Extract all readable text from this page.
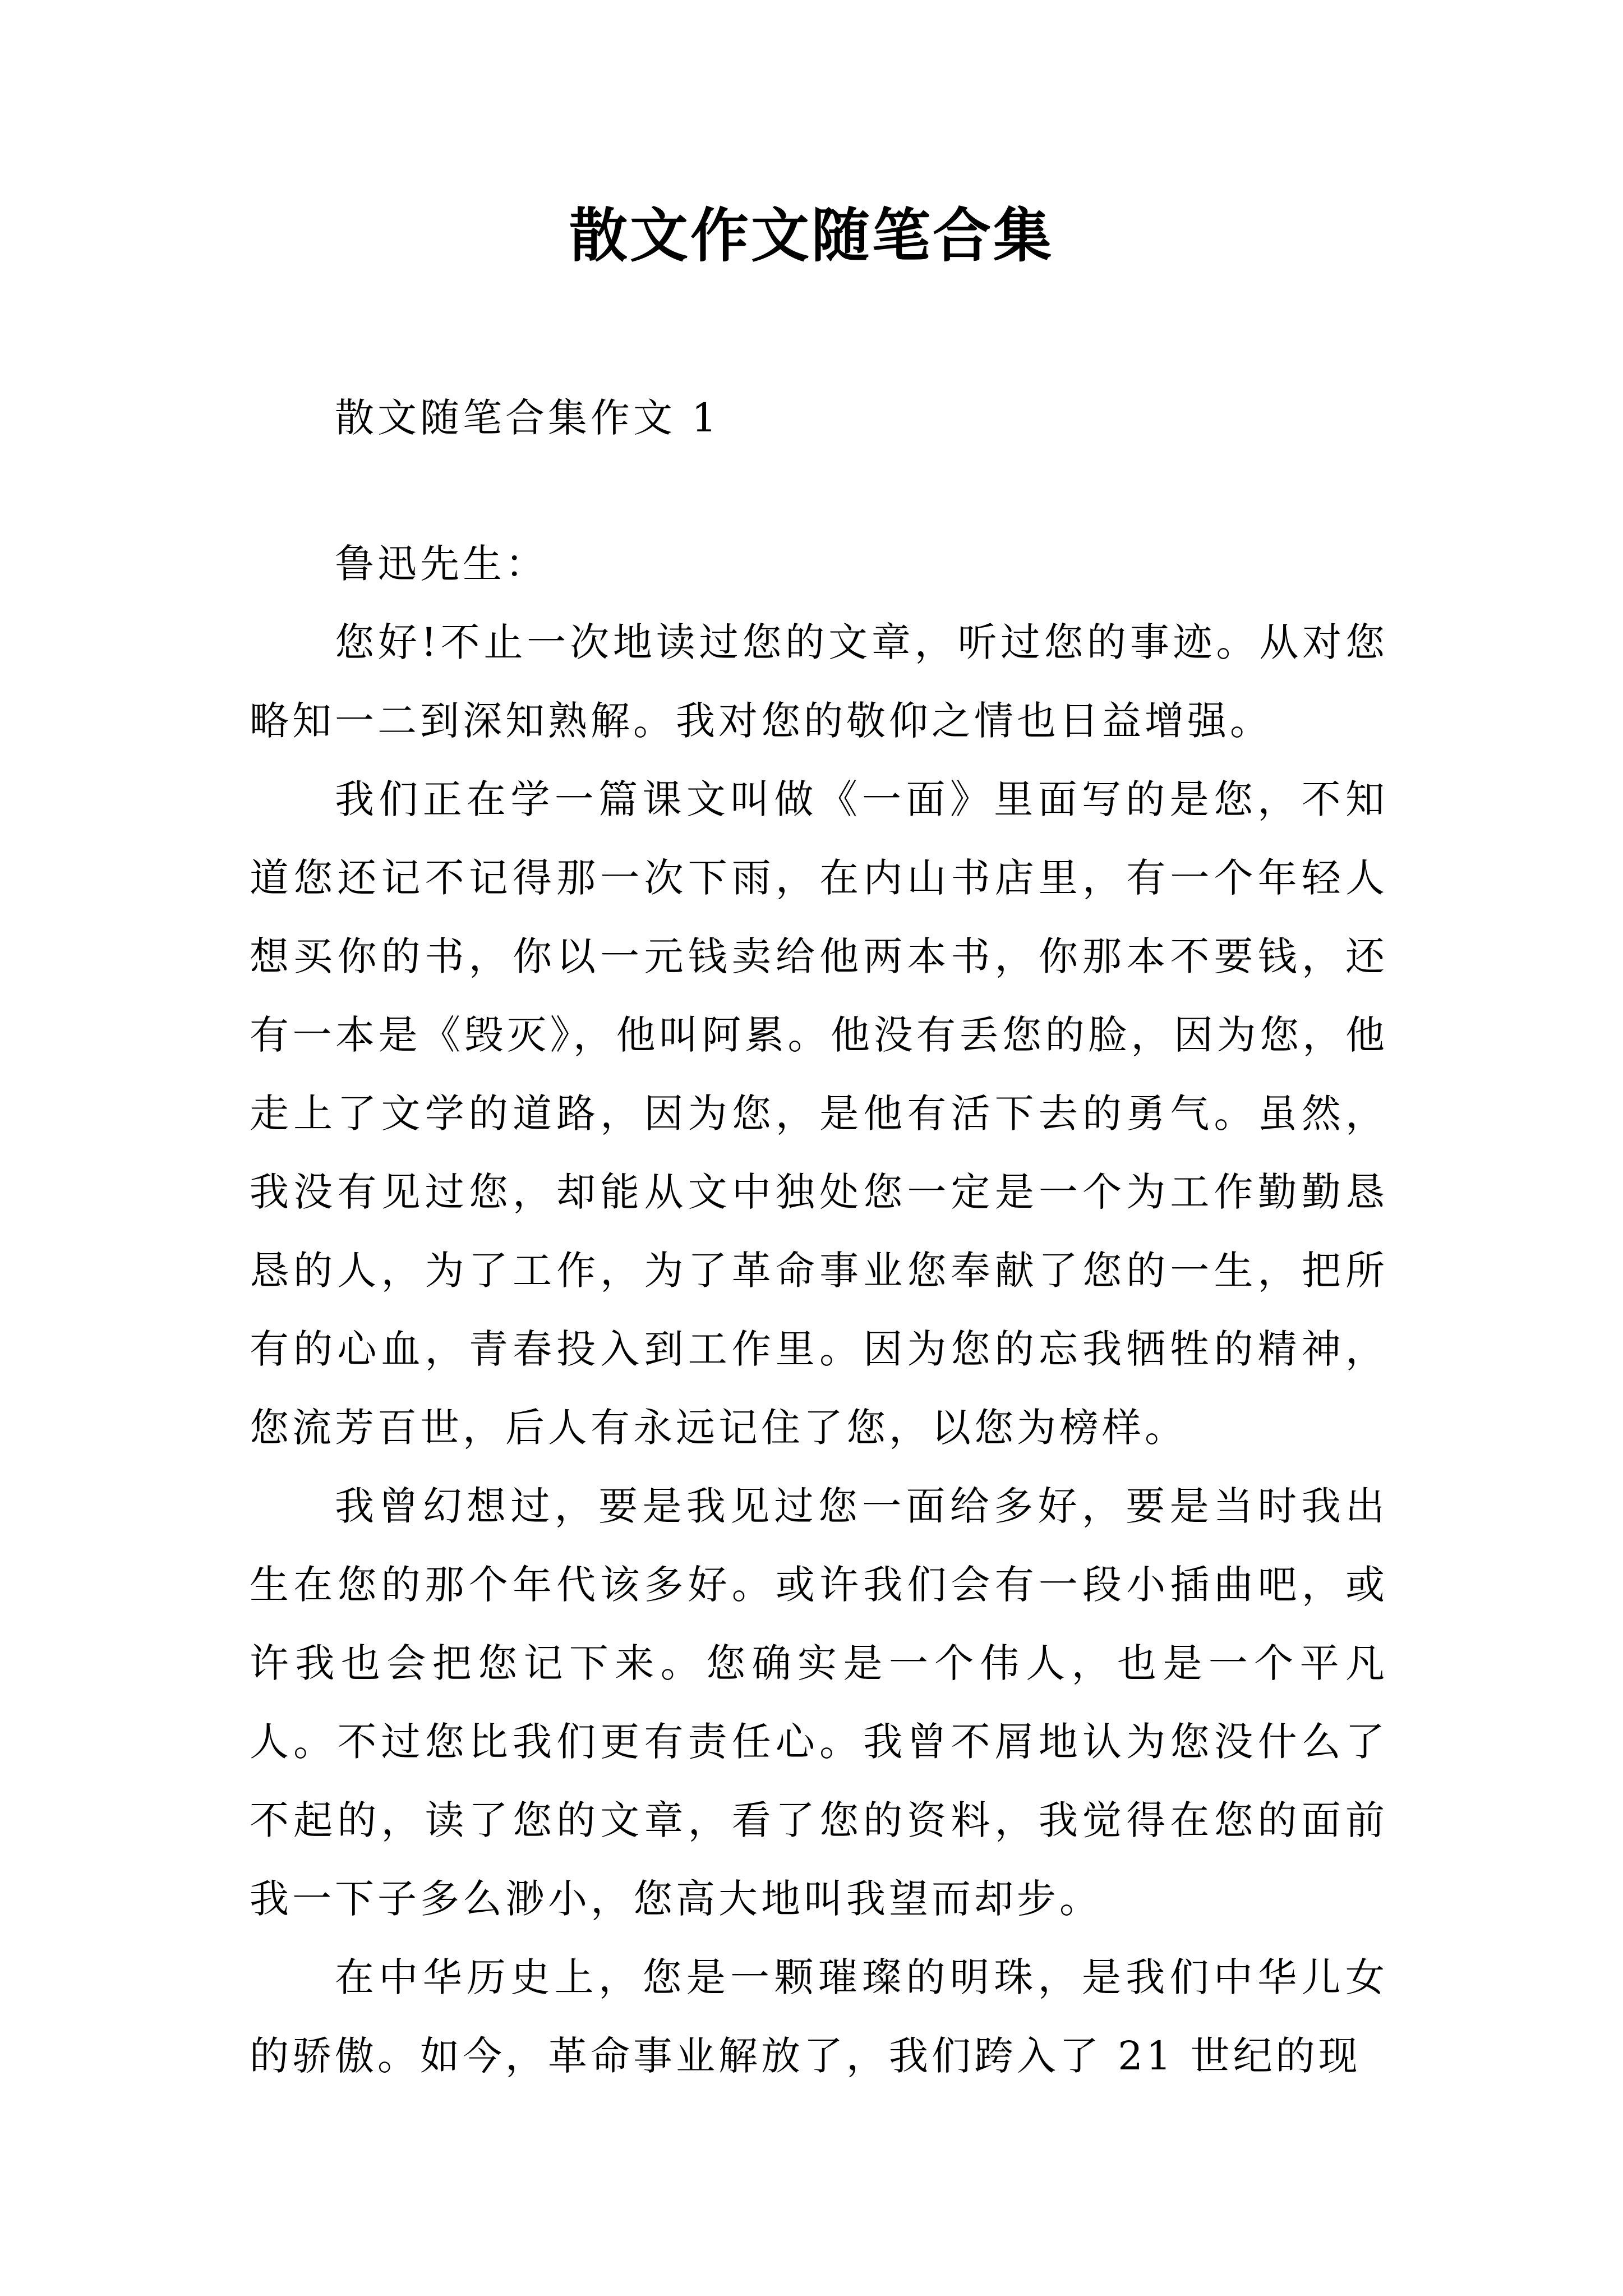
散文作文随笔合集
散文随笔合集作文 1
鲁迅先生：

您好!不止一次地读过您的文章，听过您的事迹。从对您略知一二到深知熟解。我对您的敬仰之情也日益增强。

我们正在学一篇课文叫做《一面》里面写的是您，不知道您还记不记得那一次下雨，在内山书店里，有一个年轻人想买你的书，你以一元钱卖给他两本书，你那本不要钱，还有一本是《毁灭》，他叫阿累。他没有丢您的脸，因为您，他走上了文学的道路，因为您，是他有活下去的勇气。虽然，我没有见过您，却能从文中独处您一定是一个为工作勤勤恳恳的人，为了工作，为了革命事业您奉献了您的一生，把所有的心血，青春投入到工作里。因为您的忘我牺牲的精神，您流芳百世，后人有永远记住了您，以您为榜样。

我曾幻想过，要是我见过您一面给多好，要是当时我出生在您的那个年代该多好。或许我们会有一段小插曲吧，或许我也会把您记下来。您确实是一个伟人，也是一个平凡人。不过您比我们更有责任心。我曾不屑地认为您没什么了不起的，读了您的文章，看了您的资料，我觉得在您的面前我一下子多么渺小，您高大地叫我望而却步。

在中华历史上，您是一颗璀璨的明珠，是我们中华儿女的骄傲。如今，革命事业解放了，我们跨入了 21 世纪的现
